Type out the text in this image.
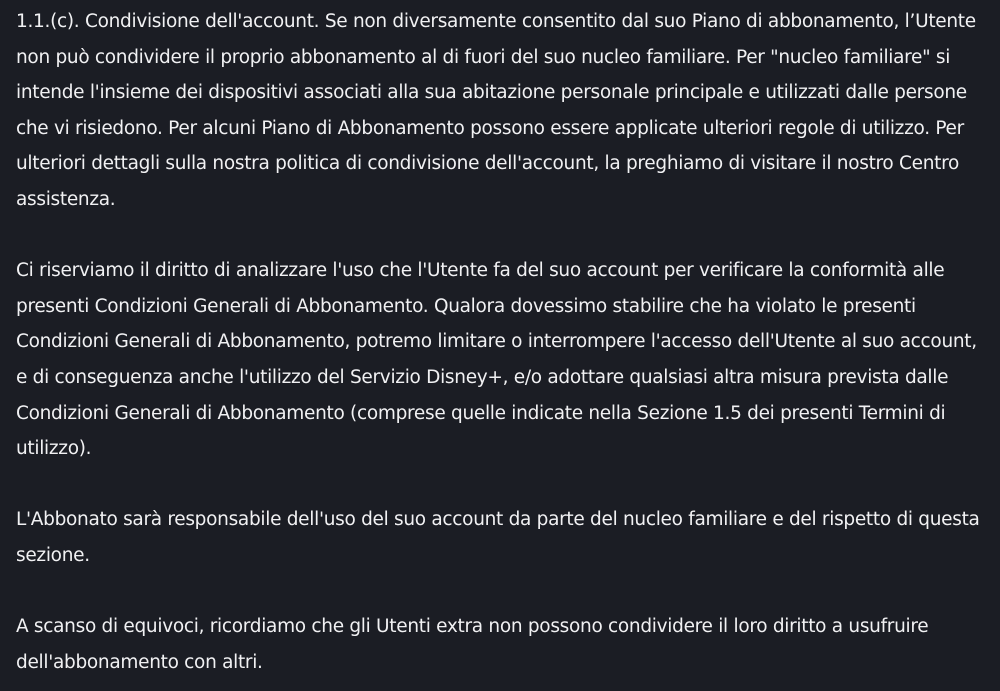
1.1.(c). Condivisione dell'account. Se non diversamente consentito dal suo Piano di abbonamento, l’Utente non può condividere il proprio abbonamento al di fuori del suo nucleo familiare. Per "nucleo familiare" si intende l'insieme dei dispositivi associati alla sua abitazione personale principale e utilizzati dalle persone che vi risiedono. Per alcuni Piano di Abbonamento possono essere applicate ulteriori regole di utilizzo. Per ulteriori dettagli sulla nostra politica di condivisione dell'account, la preghiamo di visitare il nostro Centro assistenza.

Ci riserviamo il diritto di analizzare l'uso che l'Utente fa del suo account per verificare la conformità alle presenti Condizioni Generali di Abbonamento. Qualora dovessimo stabilire che ha violato le presenti Condizioni Generali di Abbonamento, potremo limitare o interrompere l'accesso dell'Utente al suo account, e di conseguenza anche l'utilizzo del Servizio Disney+, e/o adottare qualsiasi altra misura prevista dalle Condizioni Generali di Abbonamento (comprese quelle indicate nella Sezione 1.5 dei presenti Termini di utilizzo).

L'Abbonato sarà responsabile dell'uso del suo account da parte del nucleo familiare e del rispetto di questa sezione.

A scanso di equivoci, ricordiamo che gli Utenti extra non possono condividere il loro diritto a usufruire dell'abbonamento con altri.
